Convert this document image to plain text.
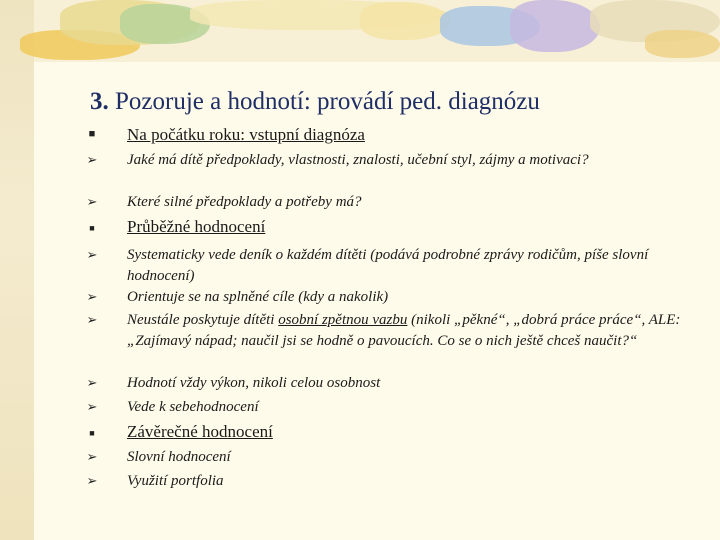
3. Pozoruje a hodnotí: provádí ped. diagnózu
■ Na počátku roku: vstupní diagnóza
➢ Jaké má dítě předpoklady, vlastnosti, znalosti, učební styl, zájmy a motivaci?
➢ Které silné předpoklady a potřeby má?
■ Průběžné hodnocení
➢ Systematicky vede deník o každém dítěti (podává podrobné zprávy rodičům, píše slovní hodnocení)
➢ Orientuje se na splněné cíle (kdy a nakolik)
➢ Neustále poskytuje dítěti osobní zpětnou vazbu (nikoli „pěkné“, „dobrá práce práce“, ALE: „Zajímavý nápad; naučil jsi se hodně o pavoucích. Co se o nich ještě chceš naučit?“
➢ Hodnotí vždy výkon, nikoli celou osobnost
➢ Vede k sebehodnocení
■ Závěrečné hodnocení
➢ Slovní hodnocení
➢ Využití portfolia
